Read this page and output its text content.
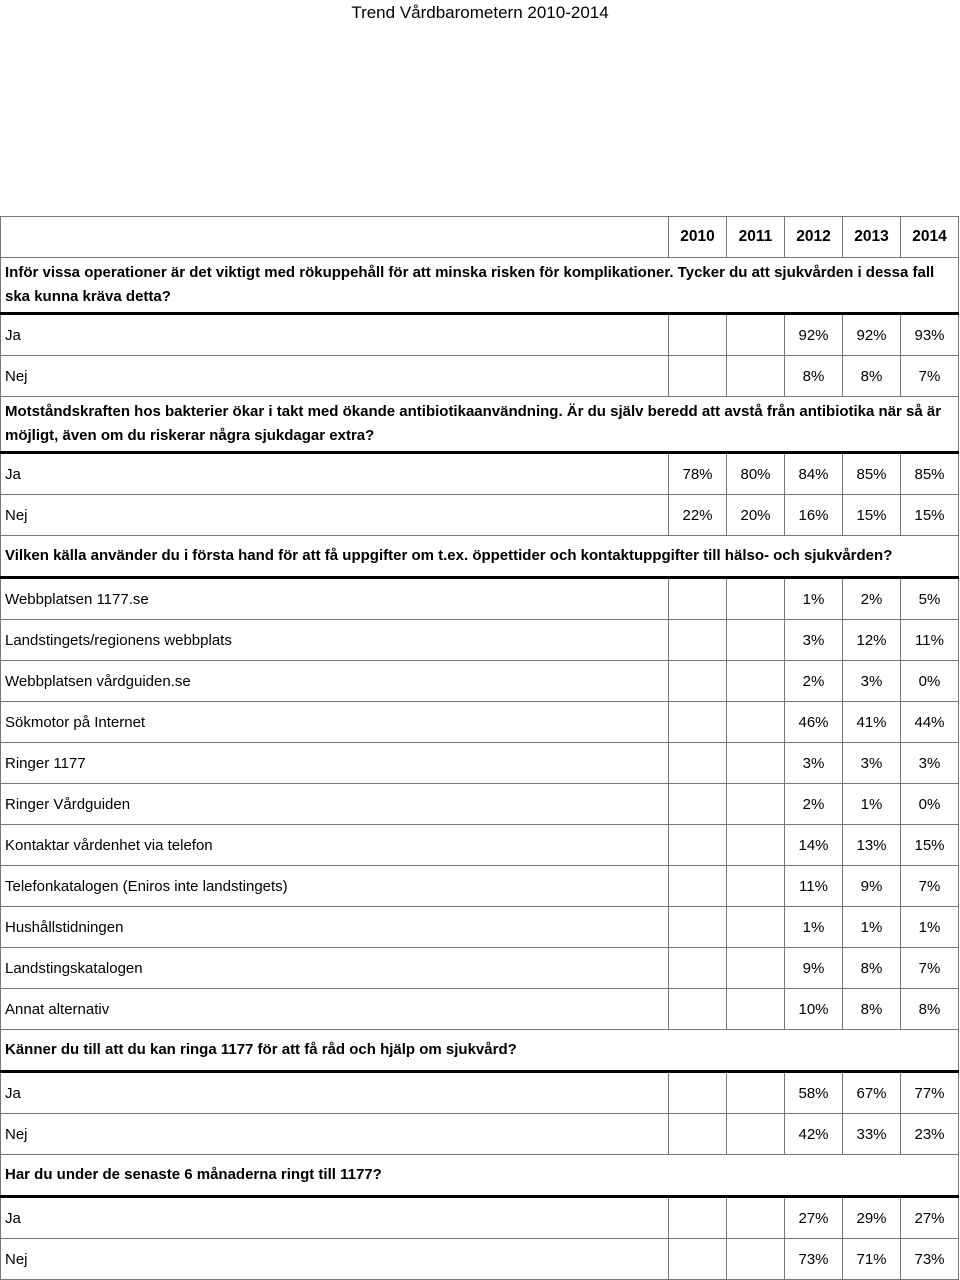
Trend Vårdbarometern 2010-2014
	2010	2011	2012	2013	2014
Inför vissa operationer är det viktigt med rökuppehåll för att minska risken för komplikationer. Tycker du att sjukvården i dessa fall ska kunna kräva detta?					
Ja			92%	92%	93%
Nej			8%	8%	7%
Motståndskraften hos bakterier ökar i takt med ökande antibiotikaanvändning. Är du själv beredd att avstå från antibiotika när så är möjligt, även om du riskerar några sjukdagar extra?					
Ja	78%	80%	84%	85%	85%
Nej	22%	20%	16%	15%	15%
Vilken källa använder du i första hand för att få uppgifter om t.ex. öppettider och kontaktuppgifter till hälso- och sjukvården?					
Webbplatsen 1177.se			1%	2%	5%
Landstingets/regionens webbplats			3%	12%	11%
Webbplatsen vårdguiden.se			2%	3%	0%
Sökmotor på Internet			46%	41%	44%
Ringer 1177			3%	3%	3%
Ringer Vårdguiden			2%	1%	0%
Kontaktar vårdenhet via telefon			14%	13%	15%
Telefonkatalogen (Eniros inte landstingets)			11%	9%	7%
Hushållstidningen			1%	1%	1%
Landstingskatalogen			9%	8%	7%
Annat alternativ			10%	8%	8%
Känner du till att du kan ringa 1177 för att få råd och hjälp om sjukvård?					
Ja			58%	67%	77%
Nej			42%	33%	23%
Har du under de senaste 6 månaderna ringt till 1177?					
Ja			27%	29%	27%
Nej			73%	71%	73%
